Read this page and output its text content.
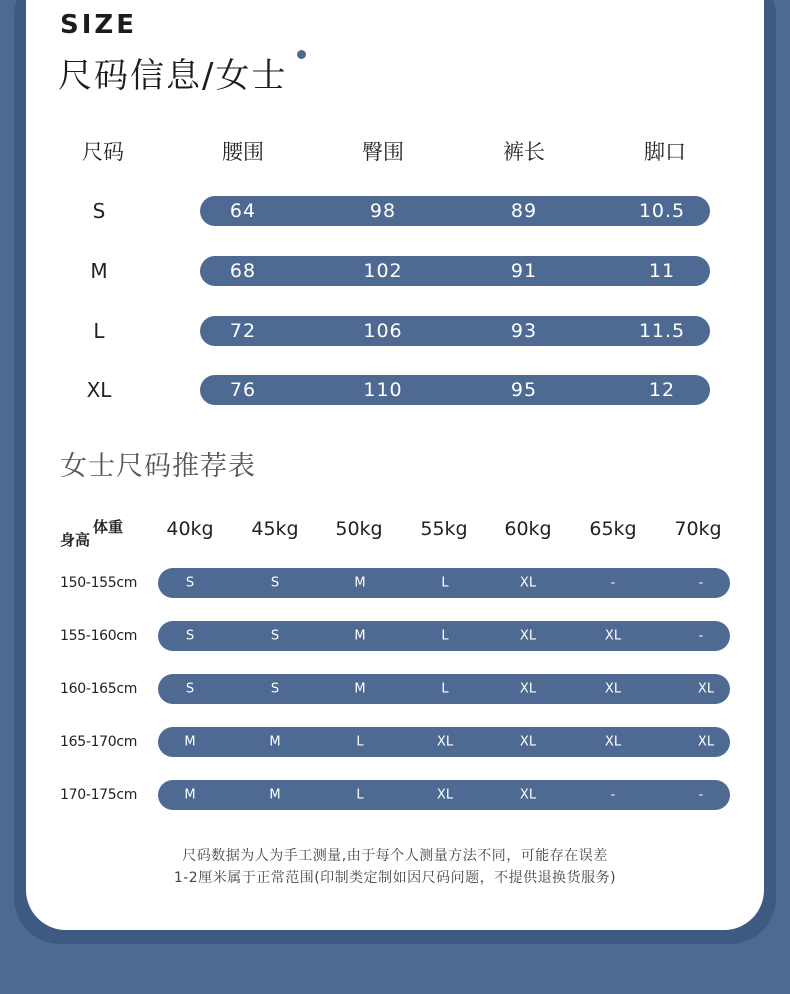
SIZE
尺码信息/女士
尺码	腰围	臀围	裤长	脚口
S	64	98	89	10.5
M	68	102	91	11
L	72	106	93	11.5
XL	76	110	95	12
女士尺码推荐表
体重
身高	40kg 45kg 50kg 55kg 60kg 65kg 70kg
150-155cm	S	S	M	L	XL	-	-
155-160cm	S	S	M	L	XL	XL	-
160-165cm	S	S	M	L	XL	XL	XL
165-170cm	M	M	L	XL	XL	XL	XL
170-175cm	M	M	L	XL	XL	-	-
尺码数据为人为手工测量,由于每个人测量方法不同，可能存在误差
1-2厘米属于正常范围(印制类定制如因尺码问题，不提供退换货服务)
